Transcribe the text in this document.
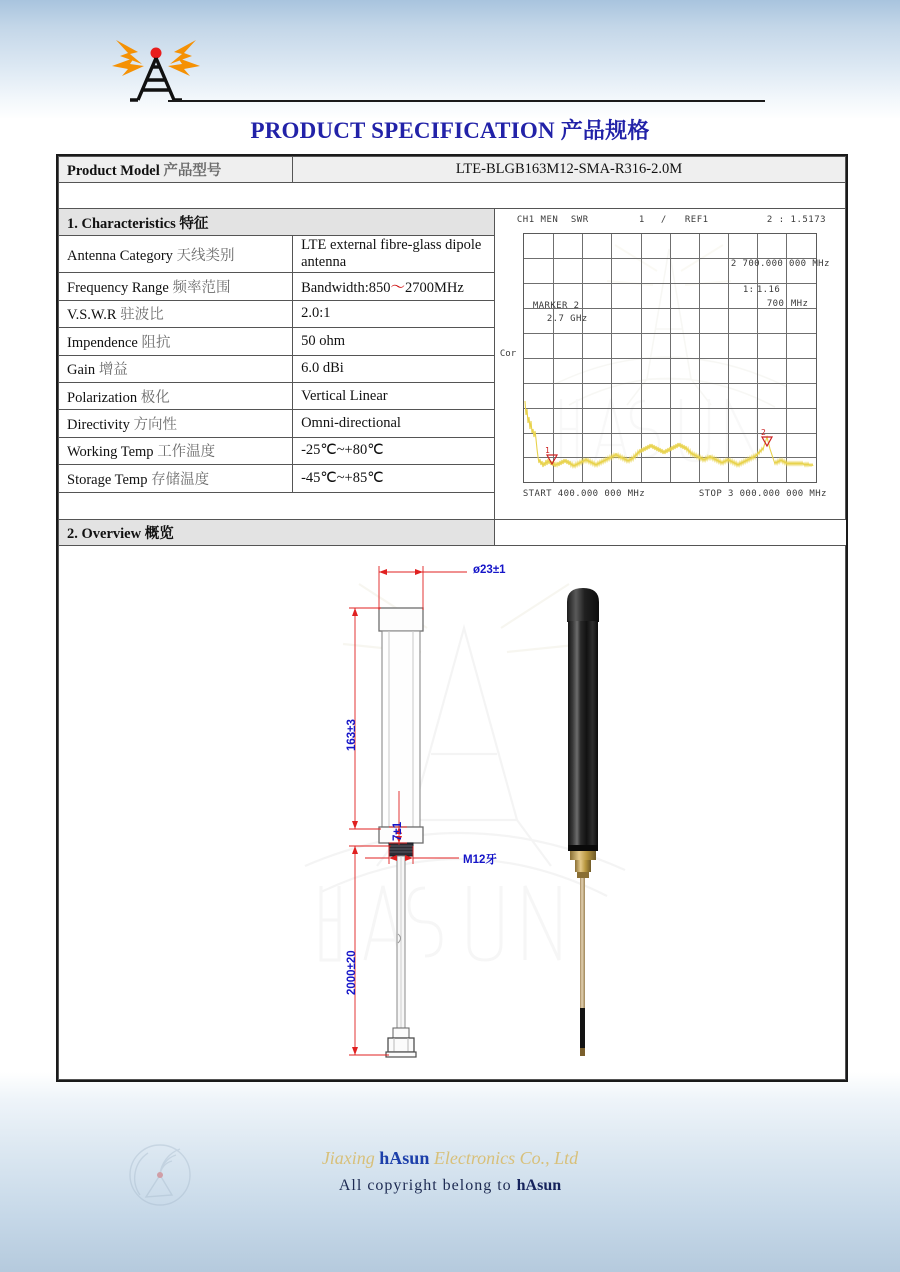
PRODUCT SPECIFICATION 产品规格
Product Model 产品型号	LTE-BLGB163M12-SMA-R316-2.0M	

1. Characteristics 特征	CH1 MEN SWR	1 / REF1	2 : 1.5173
Cor
2 700.000 000 MHz
1: 1.16
700 MHz
MARKER 2
2.7 GHz
1
2
START 400.000 000 MHz	STOP 3 000.000 000 MHz

Antenna Category 天线类别	LTE external fibre-glass dipole antenna	
Frequency Range 频率范围	Bandwidth:850～2700MHz	
V.S.W.R 驻波比	2.0:1	
Impendence 阻抗	50 ohm	
Gain 增益	6.0 dBi	
Polarization 极化	Vertical Linear	
Directivity 方向性	Omni-directional	
Working Temp 工作温度	-25℃~+80℃	
Storage Temp 存储温度	-45℃~+85℃	

2. Overview 概览		

ø23±1
163±3
7±1
M12牙
2000±20		
Jiaxing hAsun Electronics Co., Ltd
All copyright belong to hAsun
